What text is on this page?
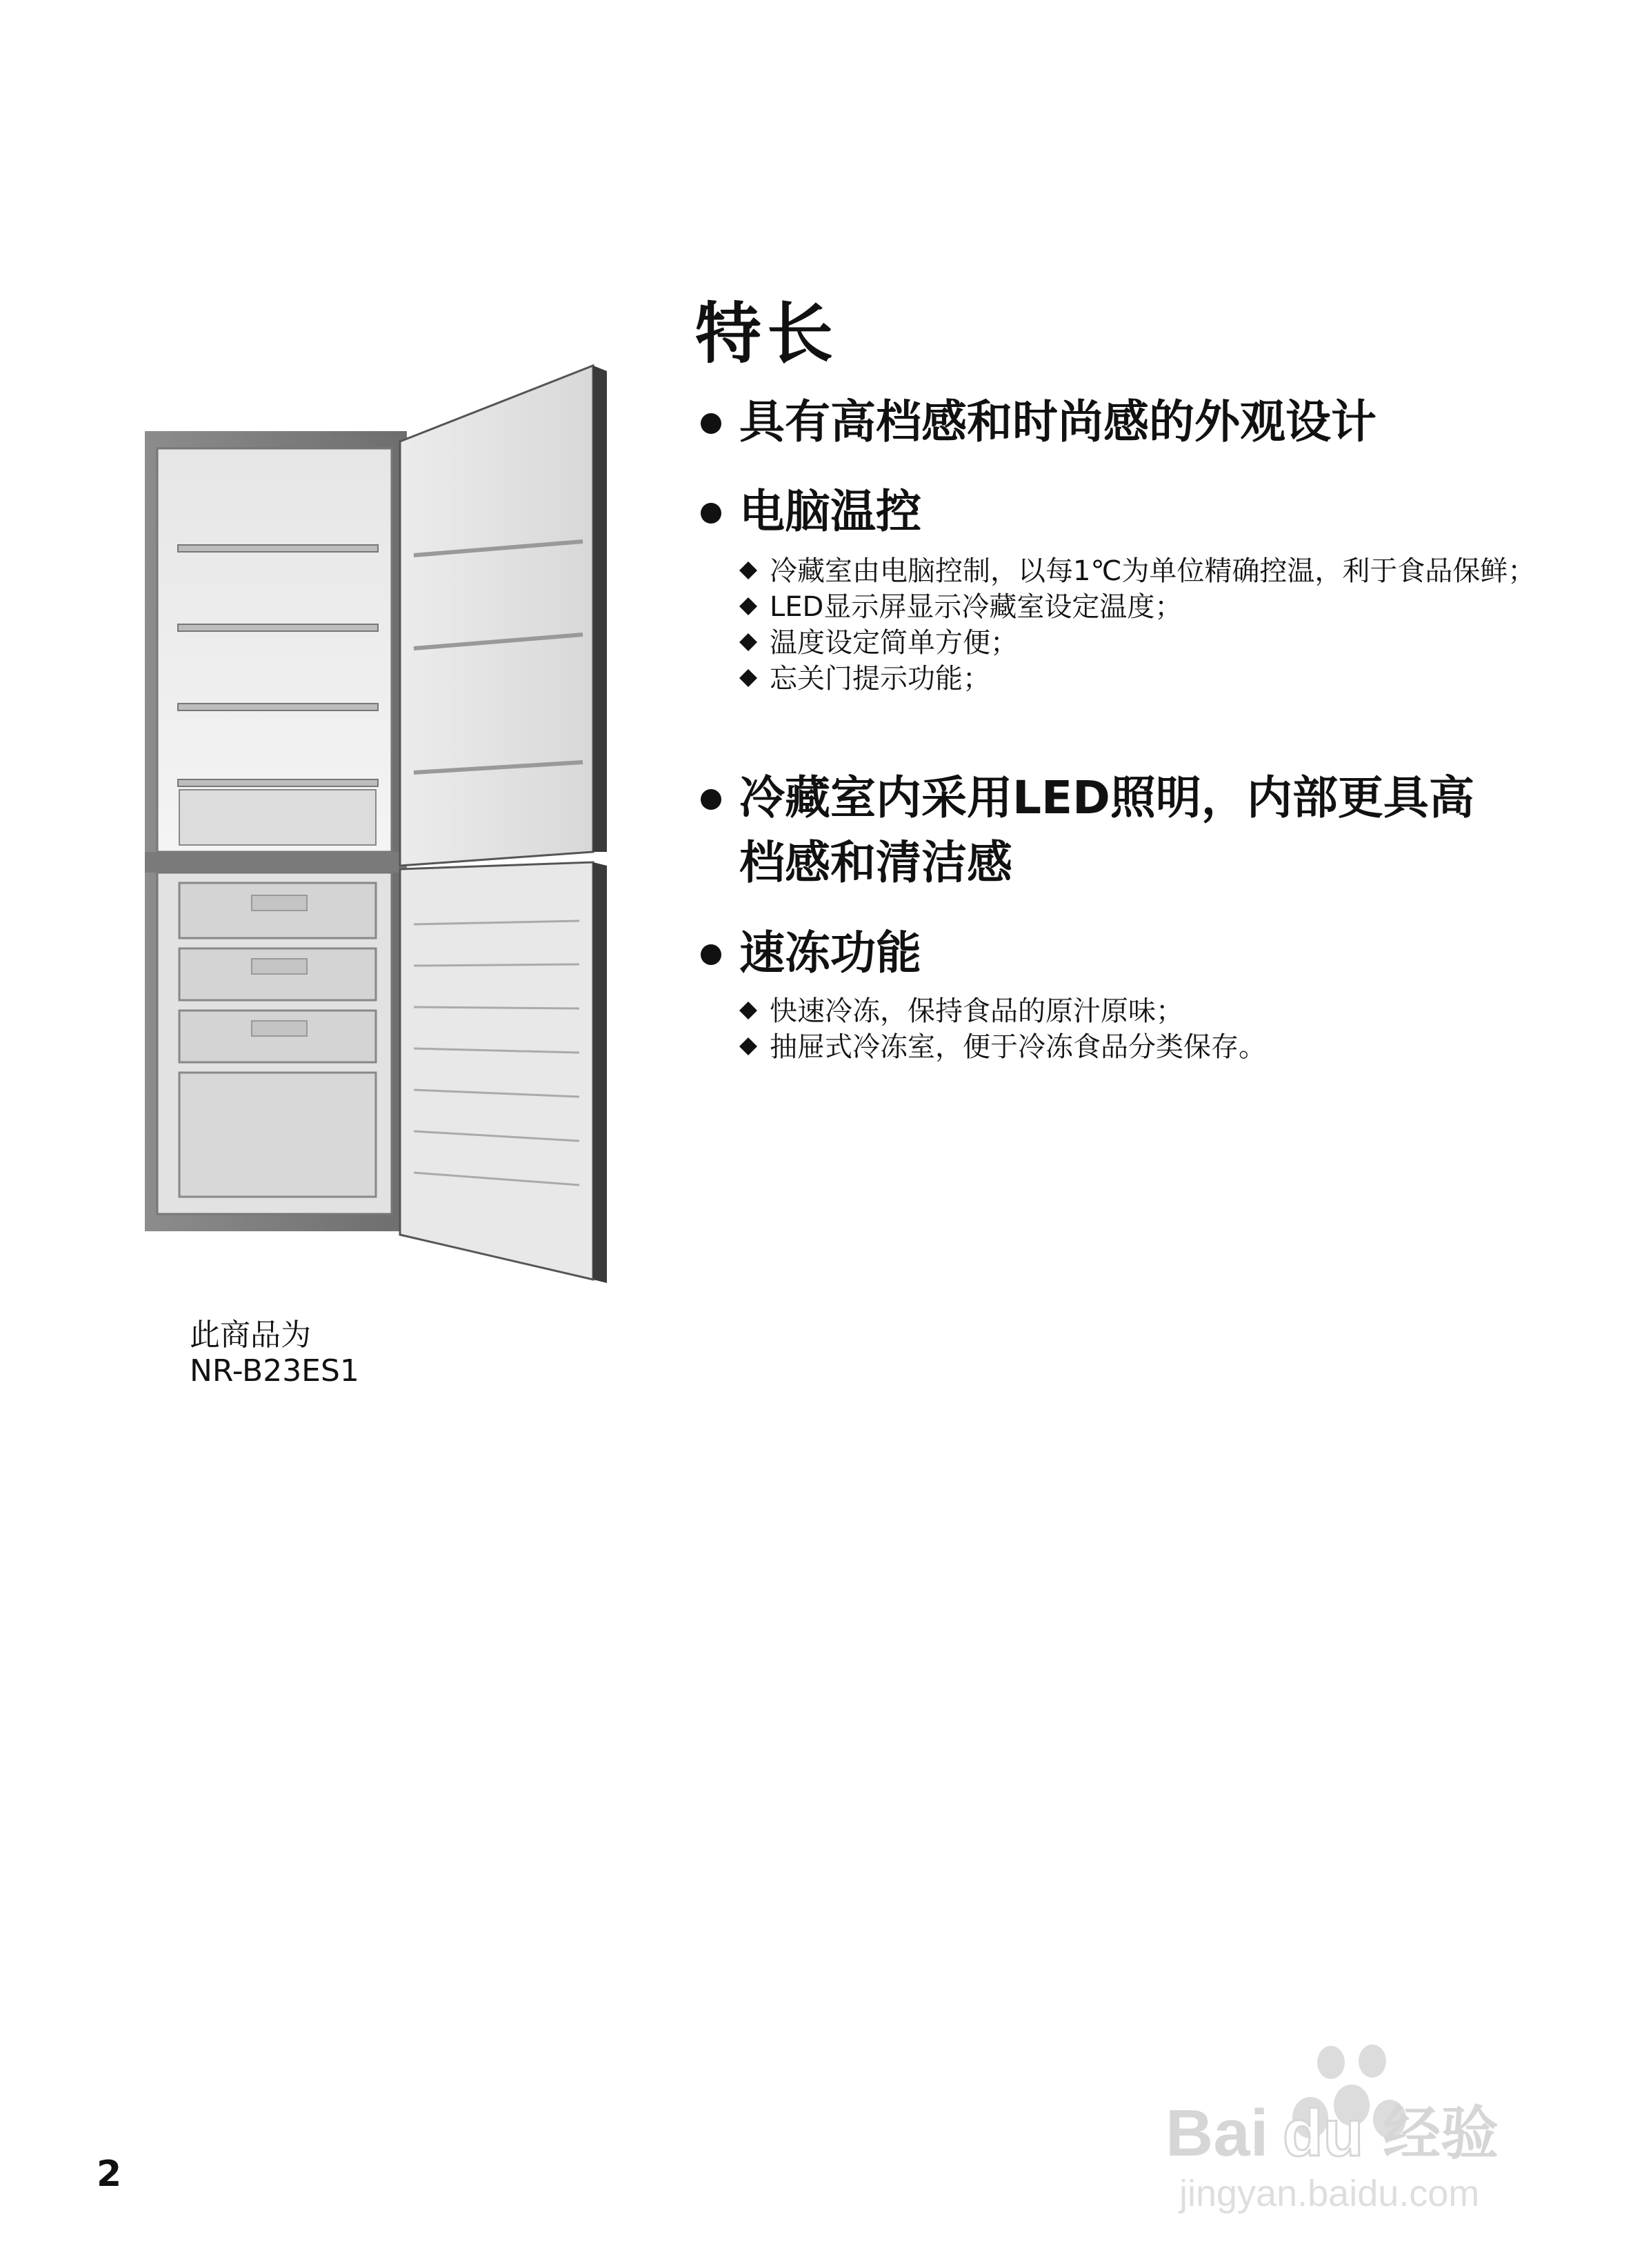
特长
具有高档感和时尚感的外观设计
电脑温控
冷藏室由电脑控制，以每1℃为单位精确控温，利于食品保鲜；
LED显示屏显示冷藏室设定温度；
温度设定简单方便；
忘关门提示功能；
冷藏室内采用LED照明，内部更具高
档感和清洁感
速冻功能
快速冷冻，保持食品的原汁原味；
抽屉式冷冻室，便于冷冻食品分类保存。
此商品为
NR-B23ES1
2
Bai du 经验
jingyan.baidu.com
